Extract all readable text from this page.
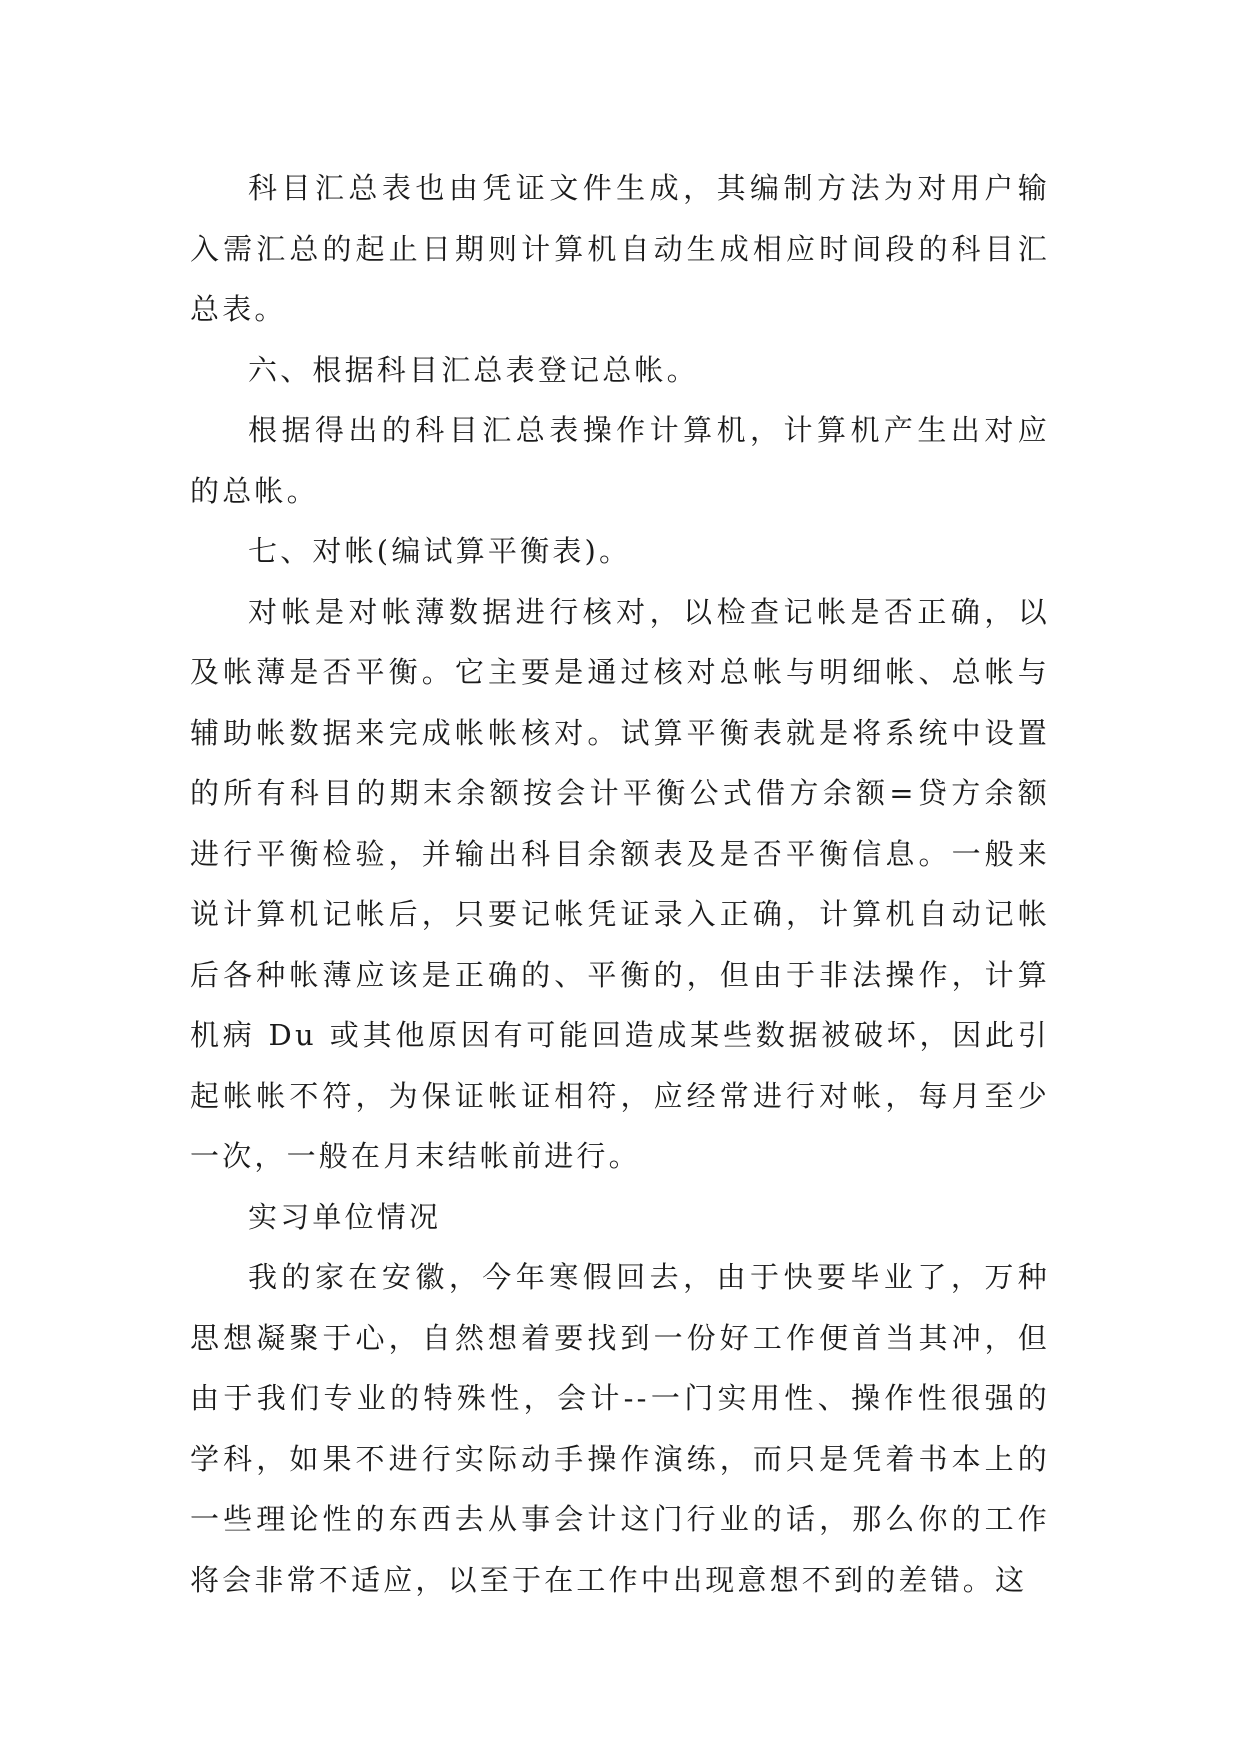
科目汇总表也由凭证文件生成，其编制方法为对用户输入需汇总的起止日期则计算机自动生成相应时间段的科目汇总表。

六、根据科目汇总表登记总帐。

根据得出的科目汇总表操作计算机，计算机产生出对应的总帐。

七、对帐(编试算平衡表)。

对帐是对帐薄数据进行核对，以检查记帐是否正确，以及帐薄是否平衡。它主要是通过核对总帐与明细帐、总帐与辅助帐数据来完成帐帐核对。试算平衡表就是将系统中设置的所有科目的期末余额按会计平衡公式借方余额=贷方余额进行平衡检验，并输出科目余额表及是否平衡信息。一般来说计算机记帐后，只要记帐凭证录入正确，计算机自动记帐后各种帐薄应该是正确的、平衡的，但由于非法操作，计算机病 Du 或其他原因有可能回造成某些数据被破坏，因此引起帐帐不符，为保证帐证相符，应经常进行对帐，每月至少一次，一般在月末结帐前进行。

实习单位情况

我的家在安徽，今年寒假回去，由于快要毕业了，万种思想凝聚于心，自然想着要找到一份好工作便首当其冲，但由于我们专业的特殊性，会计--一门实用性、操作性很强的学科，如果不进行实际动手操作演练，而只是凭着书本上的一些理论性的东西去从事会计这门行业的话，那么你的工作将会非常不适应，以至于在工作中出现意想不到的差错。这
